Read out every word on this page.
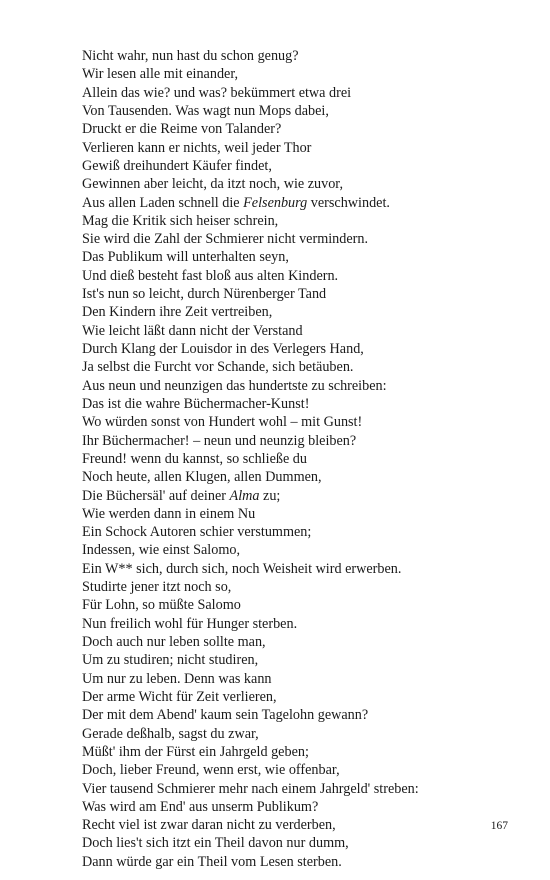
Nicht wahr, nun hast du schon genug?
Wir lesen alle mit einander,
Allein das wie? und was? bekümmert etwa drei
Von Tausenden. Was wagt nun Mops dabei,
Druckt er die Reime von Talander?
Verlieren kann er nichts, weil jeder Thor
Gewiß dreihundert Käufer findet,
Gewinnen aber leicht, da itzt noch, wie zuvor,
Aus allen Laden schnell die Felsenburg verschwindet.
Mag die Kritik sich heiser schrein,
Sie wird die Zahl der Schmierer nicht vermindern.
Das Publikum will unterhalten seyn,
Und dieß besteht fast bloß aus alten Kindern.
Ist's nun so leicht, durch Nürenberger Tand
Den Kindern ihre Zeit vertreiben,
Wie leicht läßt dann nicht der Verstand
Durch Klang der Louisdor in des Verlegers Hand,
Ja selbst die Furcht vor Schande, sich betäuben.
Aus neun und neunzigen das hundertste zu schreiben:
Das ist die wahre Büchermacher-Kunst!
Wo würden sonst von Hundert wohl – mit Gunst!
Ihr Büchermacher! – neun und neunzig bleiben?
Freund! wenn du kannst, so schließe du
Noch heute, allen Klugen, allen Dummen,
Die Büchersäl' auf deiner Alma zu;
Wie werden dann in einem Nu
Ein Schock Autoren schier verstummen;
Indessen, wie einst Salomo,
Ein W** sich, durch sich, noch Weisheit wird erwerben.
Studirte jener itzt noch so,
Für Lohn, so müßte Salomo
Nun freilich wohl für Hunger sterben.
Doch auch nur leben sollte man,
Um zu studiren; nicht studiren,
Um nur zu leben. Denn was kann
Der arme Wicht für Zeit verlieren,
Der mit dem Abend' kaum sein Tagelohn gewann?
Gerade deßhalb, sagst du zwar,
Müßt' ihm der Fürst ein Jahrgeld geben;
Doch, lieber Freund, wenn erst, wie offenbar,
Vier tausend Schmierer mehr nach einem Jahrgeld' streben:
Was wird am End' aus unserm Publikum?
Recht viel ist zwar daran nicht zu verderben,
Doch lies't sich itzt ein Theil davon nur dumm,
Dann würde gar ein Theil vom Lesen sterben.
167
